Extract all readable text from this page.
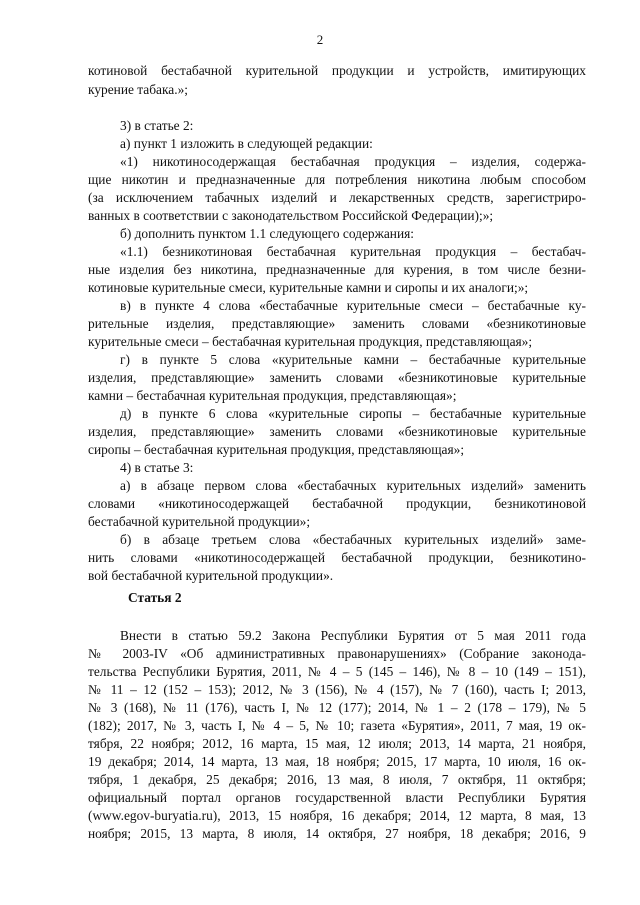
2
котиновой бестабачной курительной продукции и устройств, имитирующих
курение табака.»;
3) в статье 2:
а) пункт 1 изложить в следующей редакции:
«1) никотиносодержащая бестабачная продукция – изделия, содержа-
щие никотин и предназначенные для потребления никотина любым способом
(за исключением табачных изделий и лекарственных средств, зарегистриро-
ванных в соответствии с законодательством Российской Федерации);»;
б) дополнить пунктом 1.1 следующего содержания:
«1.1) безникотиновая бестабачная курительная продукция – бестабач-
ные изделия без никотина, предназначенные для курения, в том числе безни-
котиновые курительные смеси, курительные камни и сиропы и их аналоги;»;
в) в пункте 4 слова «бестабачные курительные смеси – бестабачные ку-
рительные изделия, представляющие» заменить словами «безникотиновые
курительные смеси – бестабачная курительная продукция, представляющая»;
г) в пункте 5 слова «курительные камни – бестабачные курительные
изделия, представляющие» заменить словами «безникотиновые курительные
камни – бестабачная курительная продукция, представляющая»;
д) в пункте 6 слова «курительные сиропы – бестабачные курительные
изделия, представляющие» заменить словами «безникотиновые курительные
сиропы – бестабачная курительная продукция, представляющая»;
4) в статье 3:
а) в абзаце первом слова «бестабачных курительных изделий» заменить
словами «никотиносодержащей бестабачной продукции, безникотиновой
бестабачной курительной продукции»;
б) в абзаце третьем слова «бестабачных курительных изделий» заме-
нить словами «никотиносодержащей бестабачной продукции, безникотино-
вой бестабачной курительной продукции».
Статья 2
Внести в статью 59.2 Закона Республики Бурятия от 5 мая 2011 года
№ 2003-IV «Об административных правонарушениях» (Собрание законода-
тельства Республики Бурятия, 2011, № 4 – 5 (145 – 146), № 8 – 10 (149 – 151),
№ 11 – 12 (152 – 153); 2012, № 3 (156), № 4 (157), № 7 (160), часть I; 2013,
№ 3 (168), № 11 (176), часть I, № 12 (177); 2014, № 1 – 2 (178 – 179), № 5
(182); 2017, № 3, часть I, № 4 – 5, № 10; газета «Бурятия», 2011, 7 мая, 19 ок-
тября, 22 ноября; 2012, 16 марта, 15 мая, 12 июля; 2013, 14 марта, 21 ноября,
19 декабря; 2014, 14 марта, 13 мая, 18 ноября; 2015, 17 марта, 10 июля, 16 ок-
тября, 1 декабря, 25 декабря; 2016, 13 мая, 8 июля, 7 октября, 11 октября;
официальный портал органов государственной власти Республики Бурятия
(www.egov-buryatia.ru), 2013, 15 ноября, 16 декабря; 2014, 12 марта, 8 мая, 13
ноября; 2015, 13 марта, 8 июля, 14 октября, 27 ноября, 18 декабря; 2016, 9
